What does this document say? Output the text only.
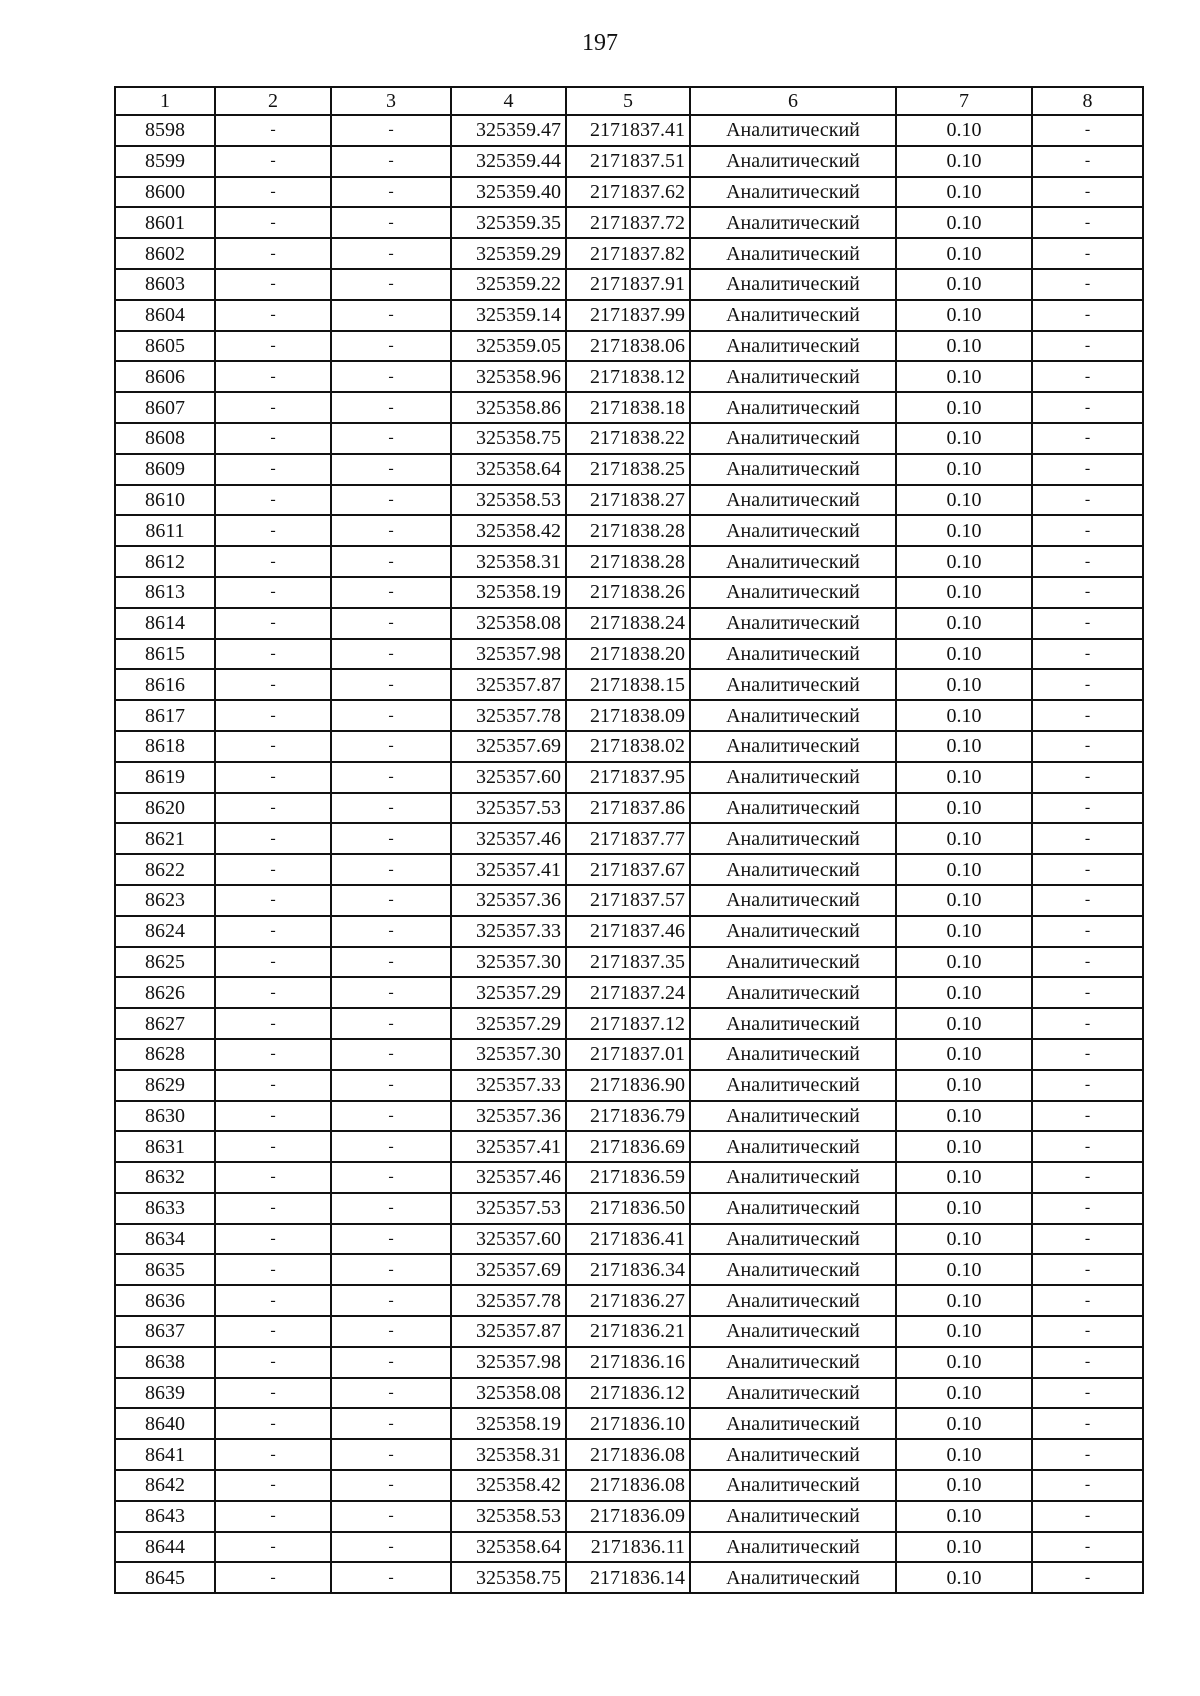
197
1	2	3	4	5	6	7	8
8598	-	-	325359.47	2171837.41	Аналитический	0.10	-
8599	-	-	325359.44	2171837.51	Аналитический	0.10	-
8600	-	-	325359.40	2171837.62	Аналитический	0.10	-
8601	-	-	325359.35	2171837.72	Аналитический	0.10	-
8602	-	-	325359.29	2171837.82	Аналитический	0.10	-
8603	-	-	325359.22	2171837.91	Аналитический	0.10	-
8604	-	-	325359.14	2171837.99	Аналитический	0.10	-
8605	-	-	325359.05	2171838.06	Аналитический	0.10	-
8606	-	-	325358.96	2171838.12	Аналитический	0.10	-
8607	-	-	325358.86	2171838.18	Аналитический	0.10	-
8608	-	-	325358.75	2171838.22	Аналитический	0.10	-
8609	-	-	325358.64	2171838.25	Аналитический	0.10	-
8610	-	-	325358.53	2171838.27	Аналитический	0.10	-
8611	-	-	325358.42	2171838.28	Аналитический	0.10	-
8612	-	-	325358.31	2171838.28	Аналитический	0.10	-
8613	-	-	325358.19	2171838.26	Аналитический	0.10	-
8614	-	-	325358.08	2171838.24	Аналитический	0.10	-
8615	-	-	325357.98	2171838.20	Аналитический	0.10	-
8616	-	-	325357.87	2171838.15	Аналитический	0.10	-
8617	-	-	325357.78	2171838.09	Аналитический	0.10	-
8618	-	-	325357.69	2171838.02	Аналитический	0.10	-
8619	-	-	325357.60	2171837.95	Аналитический	0.10	-
8620	-	-	325357.53	2171837.86	Аналитический	0.10	-
8621	-	-	325357.46	2171837.77	Аналитический	0.10	-
8622	-	-	325357.41	2171837.67	Аналитический	0.10	-
8623	-	-	325357.36	2171837.57	Аналитический	0.10	-
8624	-	-	325357.33	2171837.46	Аналитический	0.10	-
8625	-	-	325357.30	2171837.35	Аналитический	0.10	-
8626	-	-	325357.29	2171837.24	Аналитический	0.10	-
8627	-	-	325357.29	2171837.12	Аналитический	0.10	-
8628	-	-	325357.30	2171837.01	Аналитический	0.10	-
8629	-	-	325357.33	2171836.90	Аналитический	0.10	-
8630	-	-	325357.36	2171836.79	Аналитический	0.10	-
8631	-	-	325357.41	2171836.69	Аналитический	0.10	-
8632	-	-	325357.46	2171836.59	Аналитический	0.10	-
8633	-	-	325357.53	2171836.50	Аналитический	0.10	-
8634	-	-	325357.60	2171836.41	Аналитический	0.10	-
8635	-	-	325357.69	2171836.34	Аналитический	0.10	-
8636	-	-	325357.78	2171836.27	Аналитический	0.10	-
8637	-	-	325357.87	2171836.21	Аналитический	0.10	-
8638	-	-	325357.98	2171836.16	Аналитический	0.10	-
8639	-	-	325358.08	2171836.12	Аналитический	0.10	-
8640	-	-	325358.19	2171836.10	Аналитический	0.10	-
8641	-	-	325358.31	2171836.08	Аналитический	0.10	-
8642	-	-	325358.42	2171836.08	Аналитический	0.10	-
8643	-	-	325358.53	2171836.09	Аналитический	0.10	-
8644	-	-	325358.64	2171836.11	Аналитический	0.10	-
8645	-	-	325358.75	2171836.14	Аналитический	0.10	-
